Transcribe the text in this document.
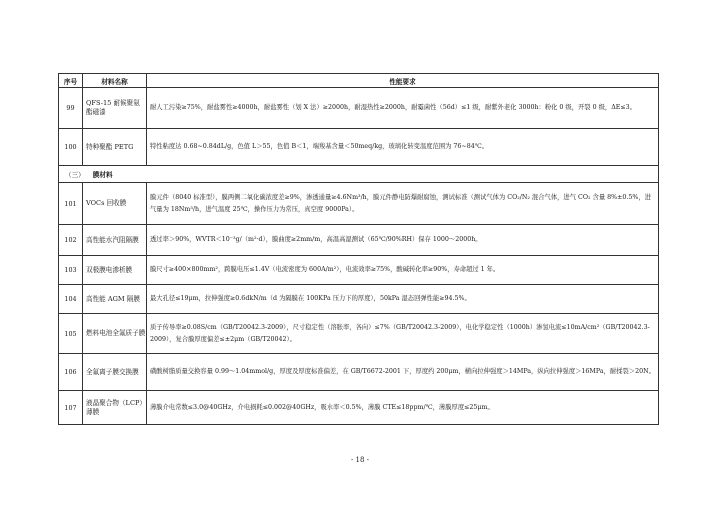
序号	材料名称	性能要求
99	QFS-15 耐候聚氨酯磁漆	耐人工污染≥75%，耐盐雾性≥4000h，耐盐雾性（划 X 法）≥2000h，耐湿热性≥2000h，耐霉菌性（56d）≤1 级，耐紫外老化 3000h：粉化 0 级，开裂 0 级，ΔE≤3。
100	特种聚酯 PETG	特性粘度达 0.68~0.84dL/g，色值 L＞55，色值 B＜1，端羧基含量＜50meq/kg，玻璃化转变温度范围为 76~84℃。
（三） 膜材料		
101	VOCs 回收膜	膜元件（8040 标准型），膜两侧二氧化碳浓度差≥9%，渗透通量≥4.6Nm³/h，膜元件静电防爆耐腐蚀，测试标准（测试气体为 CO₂/N₂ 混合气体，进气 CO₂ 含量 8%±0.5%，进气量为 18Nm³/h，进气温度 25℃，操作压力为常压，真空度 9000Pa）。
102	高性能水汽阻隔膜	透过率＞90%，WVTR＜10⁻³g/（m²·d），膜曲度≥2mm/m，高温高湿测试（65℃/90%RH）保存 1000～2000h。
103	双极膜电渗析膜	膜尺寸≥400×800mm²，跨膜电压≤1.4V（电流密度为 600A/m²），电流效率≥75%，酸碱转化率≥90%，寿命超过 1 年。
104	高性能 AGM 隔膜	最大孔径≤19μm，拉伸强度≥0.6dkN/m（d 为隔膜在 100KPa 压力下的厚度），50kPa 湿态回弹性能≥94.5%。
105	燃料电池全氟质子膜	质子传导率≥0.08S/cm（GB/T20042.3-2009），尺寸稳定性（溶胀率，各向）≤7%（GB/T20042.3-2009），电化学稳定性（1000h）渗氢电流≤10mA/cm²（GB/T20042.3-2009），复合膜厚度偏差≤±2μm（GB/T20042）。
106	全氟离子膜交换膜	磺酸树脂质量交换容量 0.99～1.04mmol/g，厚度及厚度标准偏差，在 GB/T6672-2001 下，厚度约 200μm，横向拉伸强度＞14MPa，纵向拉伸强度＞16MPa，耐揉裂＞20N。
107	液晶聚合物（LCP）薄膜	薄膜介电常数≤3.0@40GHz，介电损耗≤0.002@40GHz，吸水率＜0.5%，薄膜 CTE≤18ppm/℃，薄膜厚度≤25μm。
- 18 -
